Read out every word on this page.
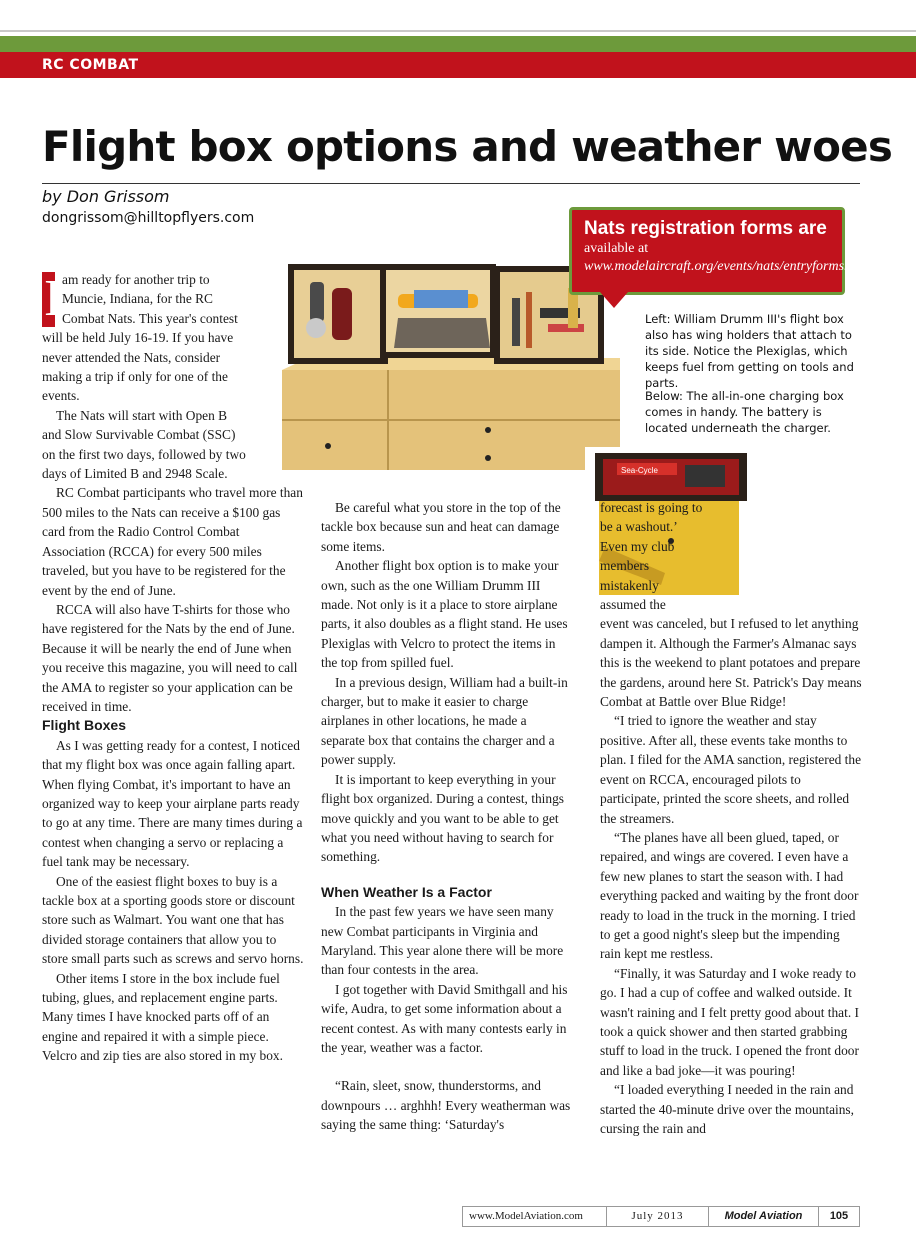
RC COMBAT
Flight box options and weather woes
by Don Grissom
dongrissom@hilltopflyers.com
Sea-Cycle
Nats registration forms are
available at www.modelaircraft.org/events/nats/entryforms.aspx.
Left: William Drumm III's flight box also has wing holders that attach to its side. Notice the Plexiglas, which keeps fuel from getting on tools and parts.
Below: The all-in-one charging box comes in handy. The battery is located underneath the charger.

I am ready for another trip to Muncie, Indiana, for the RC Combat Nats. This year's contest will be held July 16-19. If you have never attended the Nats, consider making a trip if only for one of the events.

The Nats will start with Open B and Slow Survivable Combat (SSC) on the first two days, followed by two days of Limited B and 2948 Scale.

RC Combat participants who travel more than 500 miles to the Nats can receive a $100 gas card from the Radio Control Combat Association (RCCA) for every 500 miles traveled, but you have to be registered for the event by the end of June.

RCCA will also have T-shirts for those who have registered for the Nats by the end of June. Because it will be nearly the end of June when you receive this magazine, you will need to call the AMA to register so your application can be received in time.

Flight Boxes

As I was getting ready for a contest, I noticed that my flight box was once again falling apart. When flying Combat, it's important to have an organized way to keep your airplane parts ready to go at any time. There are many times during a contest when changing a servo or replacing a fuel tank may be necessary.

One of the easiest flight boxes to buy is a tackle box at a sporting goods store or discount store such as Walmart. You want one that has divided storage containers that allow you to store small parts such as screws and servo horns.

Other items I store in the box include fuel tubing, glues, and replacement engine parts. Many times I have knocked parts off of an engine and repaired it with a simple piece. Velcro and zip ties are also stored in my box.

Be careful what you store in the top of the tackle box because sun and heat can damage some items.

Another flight box option is to make your own, such as the one William Drumm III made. Not only is it a place to store airplane parts, it also doubles as a flight stand. He uses Plexiglas with Velcro to protect the items in the top from spilled fuel.

In a previous design, William had a built-in charger, but to make it easier to charge airplanes in other locations, he made a separate box that contains the charger and a power supply.

It is important to keep everything in your flight box organized. During a contest, things move quickly and you want to be able to get what you need without having to search for something.

When Weather Is a Factor

In the past few years we have seen many new Combat participants in Virginia and Maryland. This year alone there will be more than four contests in the area.

I got together with David Smithgall and his wife, Audra, to get some information about a recent contest. As with many contests early in the year, weather was a factor.

“Rain, sleet, snow, thunderstorms, and downpours … arghhh! Every weatherman was saying the same thing: ‘Saturday's

forecast is going to be a washout.’ Even my club members mistakenly assumed the

event was canceled, but I refused to let anything dampen it. Although the Farmer's Almanac says this is the weekend to plant potatoes and prepare the gardens, around here St. Patrick's Day means Combat at Battle over Blue Ridge!

“I tried to ignore the weather and stay positive. After all, these events take months to plan. I filed for the AMA sanction, registered the event on RCCA, encouraged pilots to participate, printed the score sheets, and rolled the streamers.

“The planes have all been glued, taped, or repaired, and wings are covered. I even have a few new planes to start the season with. I had everything packed and waiting by the front door ready to load in the truck in the morning. I tried to get a good night's sleep but the impending rain kept me restless.

“Finally, it was Saturday and I woke ready to go. I had a cup of coffee and walked outside. It wasn't raining and I felt pretty good about that. I took a quick shower and then started grabbing stuff to load in the truck. I opened the front door and like a bad joke—it was pouring!

“I loaded everything I needed in the rain and started the 40-minute drive over the mountains, cursing the rain and

www.ModelAviation.com	July 2013	Model Aviation	105
